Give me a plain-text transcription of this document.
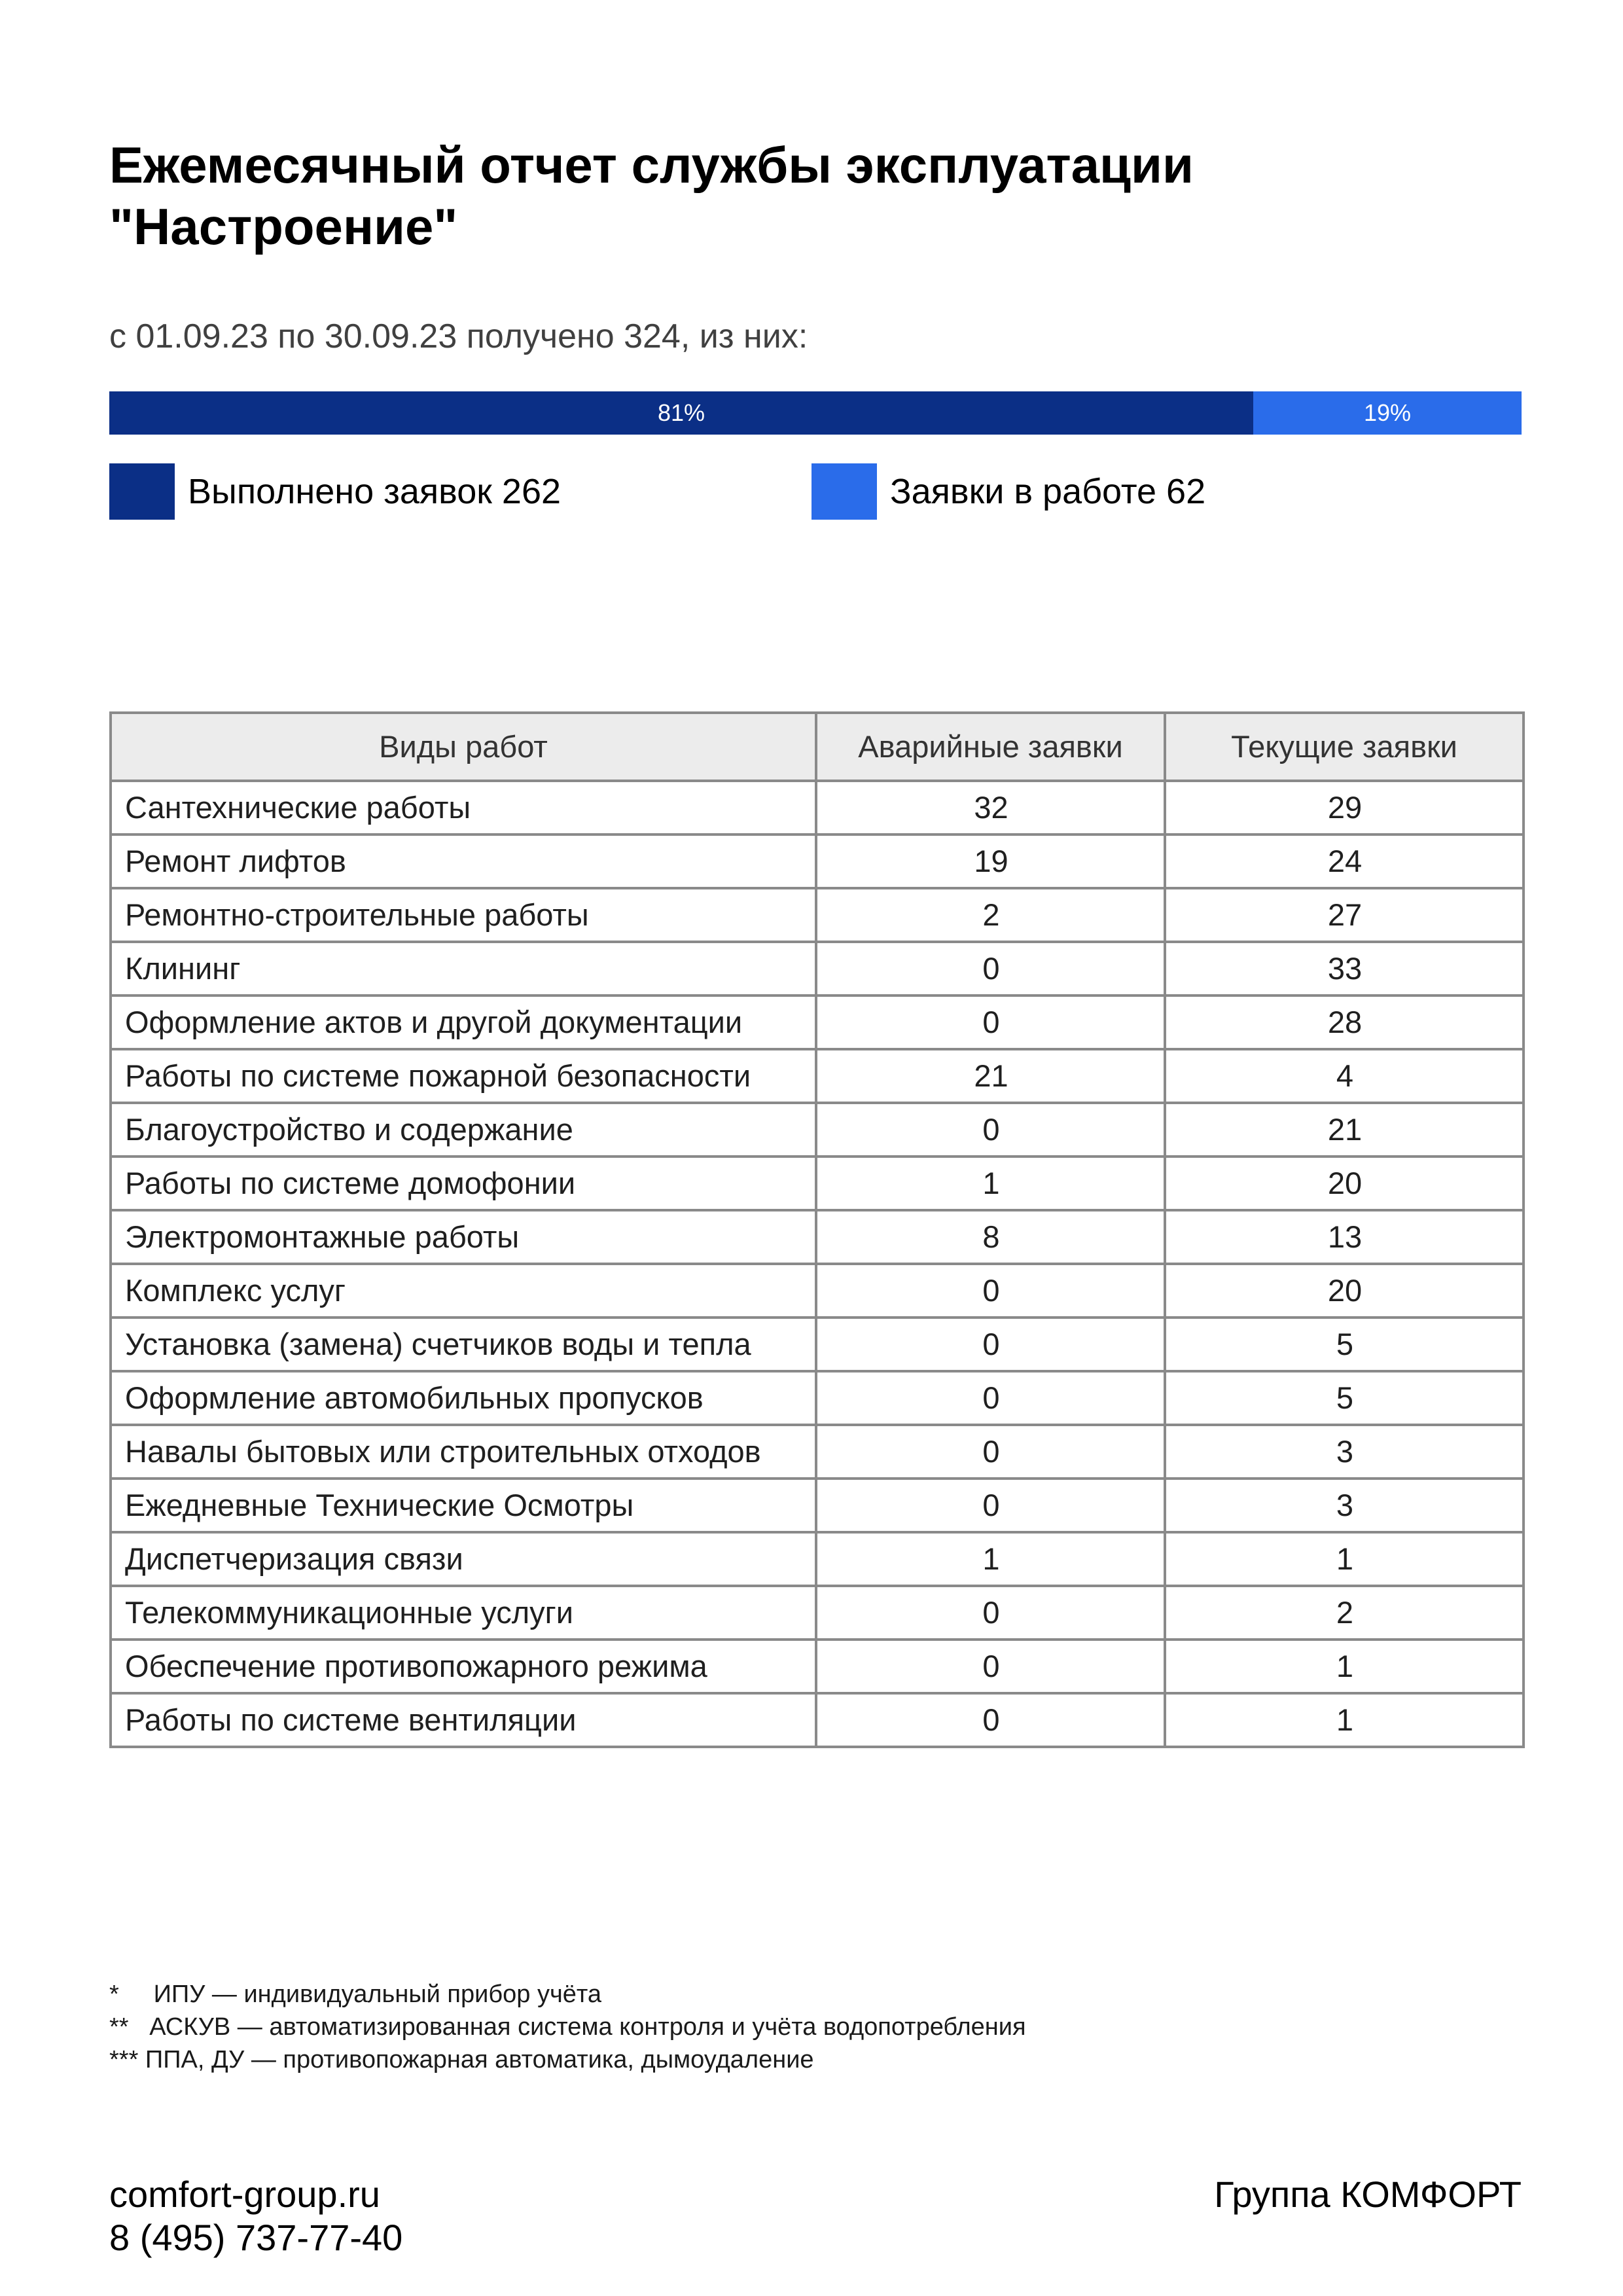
Ежемесячный отчет службы эксплуатации
"Настроение"
с 01.09.23 по 30.09.23 получено 324, из них:
81%	19%
Выполнено заявок 262	Заявки в работе 62
Виды работ	Аварийные заявки	Текущие заявки
Сантехнические работы	32	29
Ремонт лифтов	19	24
Ремонтно-строительные работы	2	27
Клининг	0	33
Оформление актов и другой документации	0	28
Работы по системе пожарной безопасности	21	4
Благоустройство и содержание	0	21
Работы по системе домофонии	1	20
Электромонтажные работы	8	13
Комплекс услуг	0	20
Установка (замена) счетчиков воды и тепла	0	5
Оформление автомобильных пропусков	0	5
Навалы бытовых или строительных отходов	0	3
Ежедневные Технические Осмотры	0	3
Диспетчеризация связи	1	1
Телекоммуникационные услуги	0	2
Обеспечение противопожарного режима	0	1
Работы по системе вентиляции	0	1
*     ИПУ — индивидуальный прибор учёта
**   АСКУВ — автоматизированная система контроля и учёта водопотребления
*** ППА, ДУ — противопожарная автоматика, дымоудаление
comfort-group.ru
8 (495) 737-77-40
Группа КОМФОРТ
